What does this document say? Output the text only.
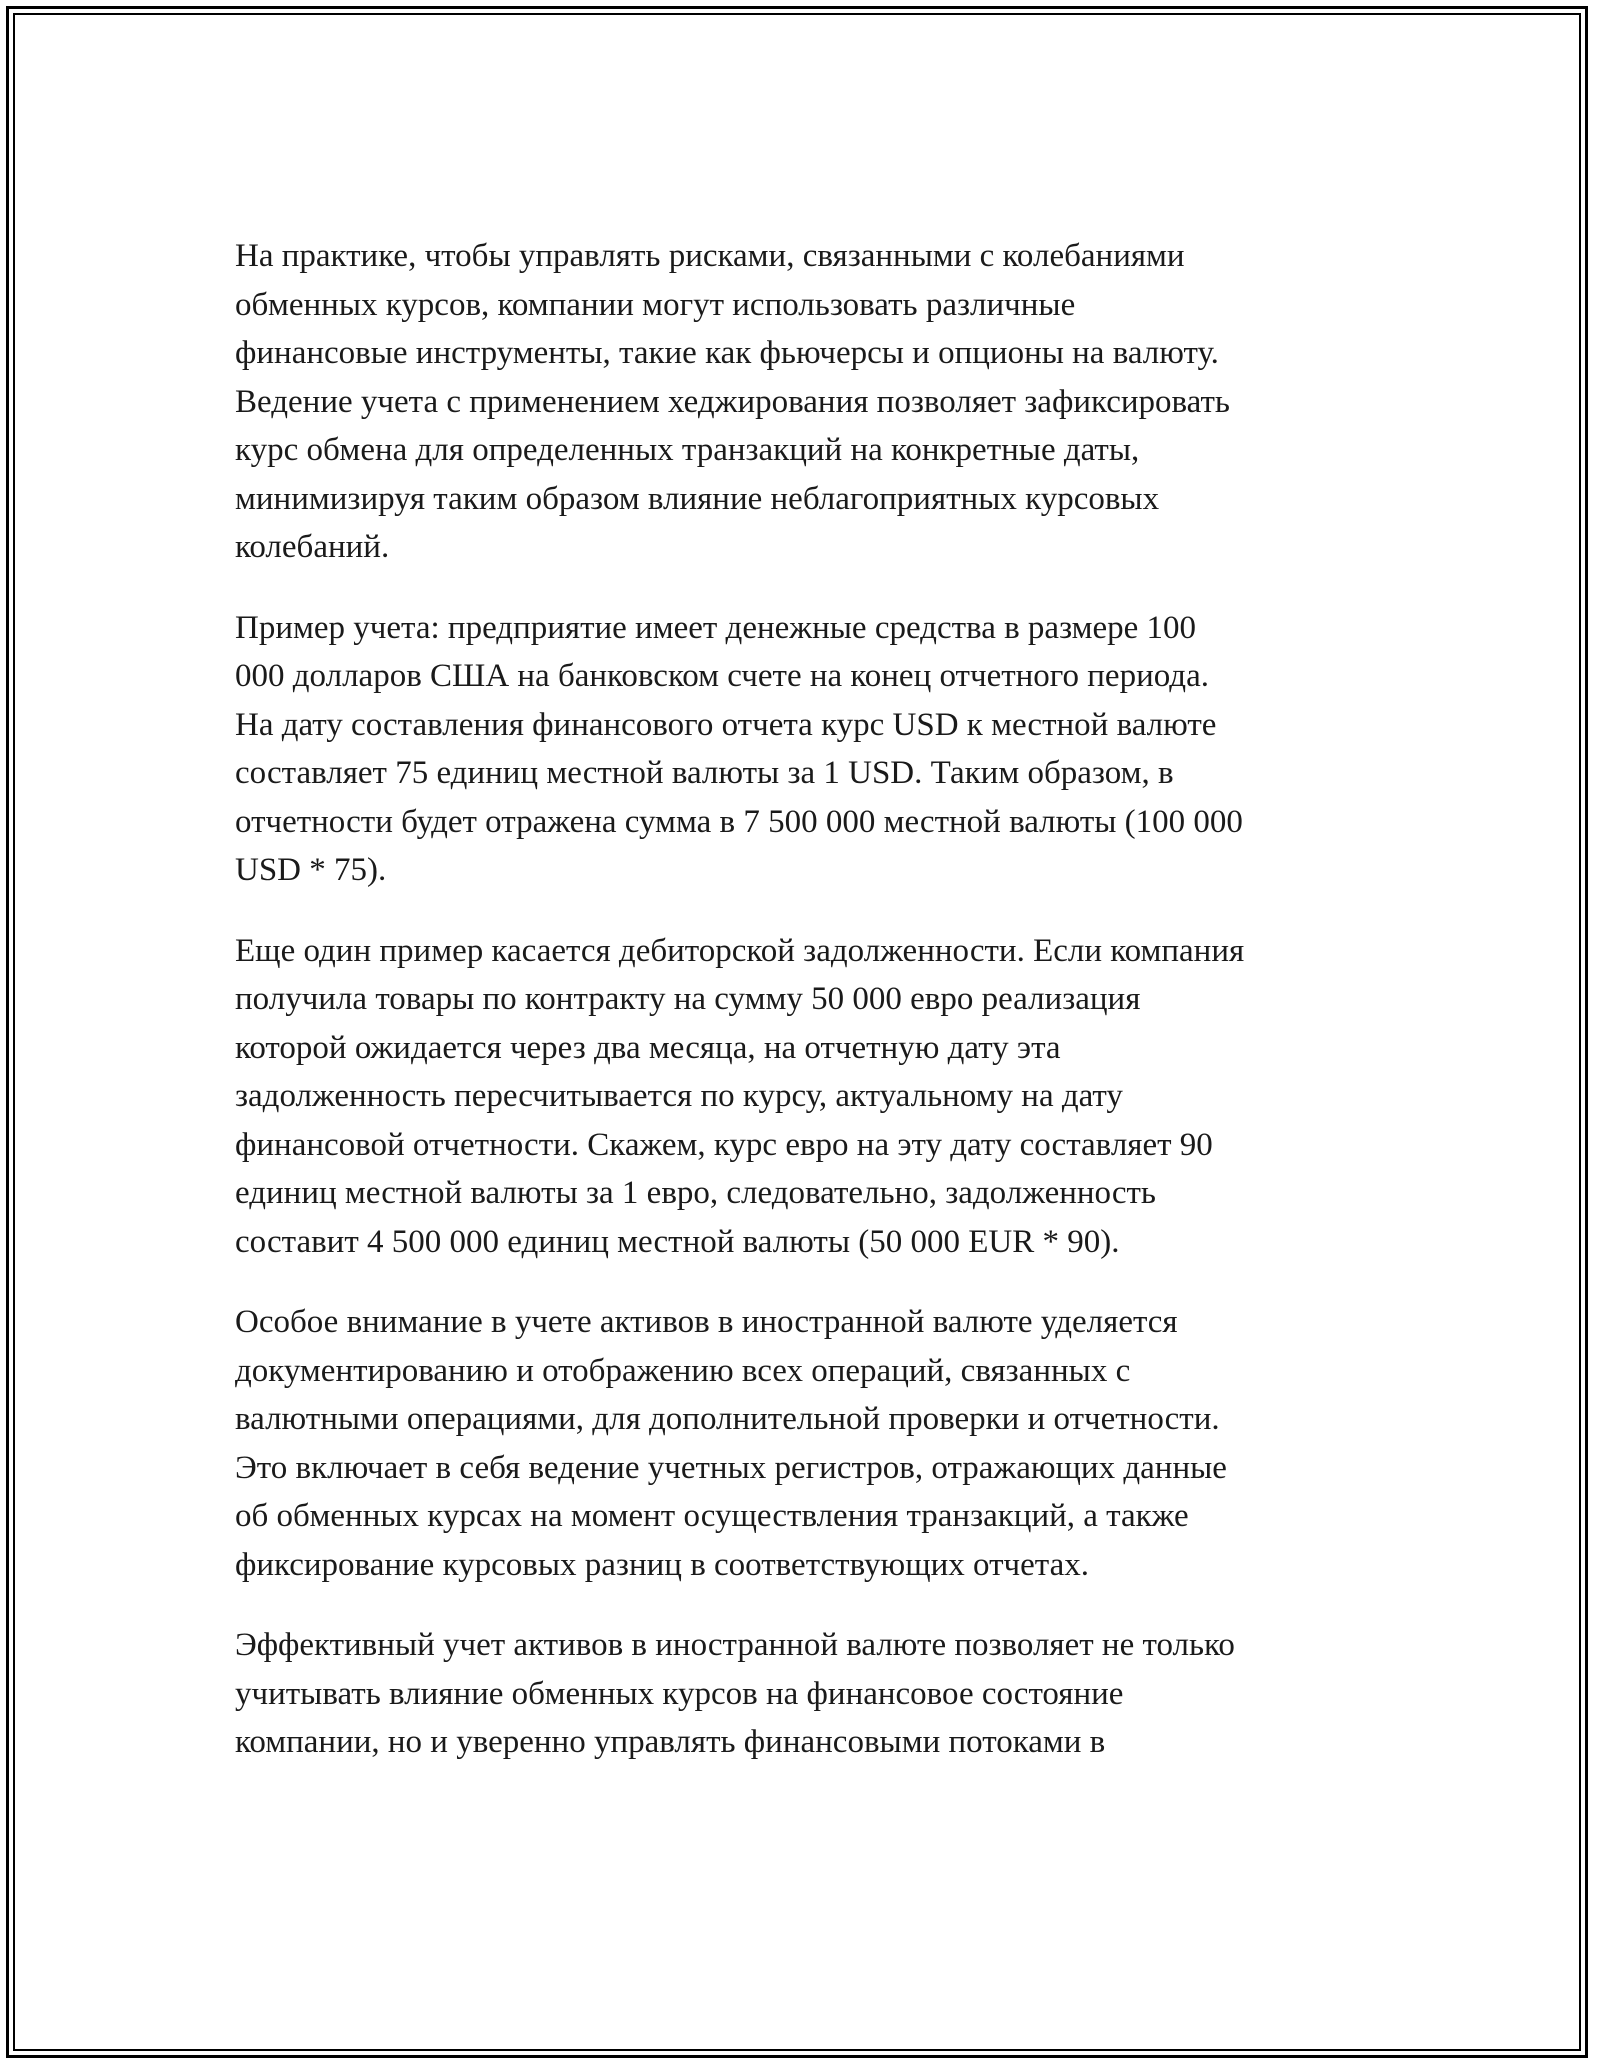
На практике, чтобы управлять рисками, связанными с колебаниями
обменных курсов, компании могут использовать различные
финансовые инструменты, такие как фьючерсы и опционы на валюту.
Ведение учета с применением хеджирования позволяет зафиксировать
курс обмена для определенных транзакций на конкретные даты,
минимизируя таким образом влияние неблагоприятных курсовых
колебаний.

Пример учета: предприятие имеет денежные средства в размере 100
000 долларов США на банковском счете на конец отчетного периода.
На дату составления финансового отчета курс USD к местной валюте
составляет 75 единиц местной валюты за 1 USD. Таким образом, в
отчетности будет отражена сумма в 7 500 000 местной валюты (100 000
USD * 75).

Еще один пример касается дебиторской задолженности. Если компания
получила товары по контракту на сумму 50 000 евро реализация
которой ожидается через два месяца, на отчетную дату эта
задолженность пересчитывается по курсу, актуальному на дату
финансовой отчетности. Скажем, курс евро на эту дату составляет 90
единиц местной валюты за 1 евро, следовательно, задолженность
составит 4 500 000 единиц местной валюты (50 000 EUR * 90).

Особое внимание в учете активов в иностранной валюте уделяется
документированию и отображению всех операций, связанных с
валютными операциями, для дополнительной проверки и отчетности.
Это включает в себя ведение учетных регистров, отражающих данные
об обменных курсах на момент осуществления транзакций, а также
фиксирование курсовых разниц в соответствующих отчетах.

Эффективный учет активов в иностранной валюте позволяет не только
учитывать влияние обменных курсов на финансовое состояние
компании, но и уверенно управлять финансовыми потоками в
